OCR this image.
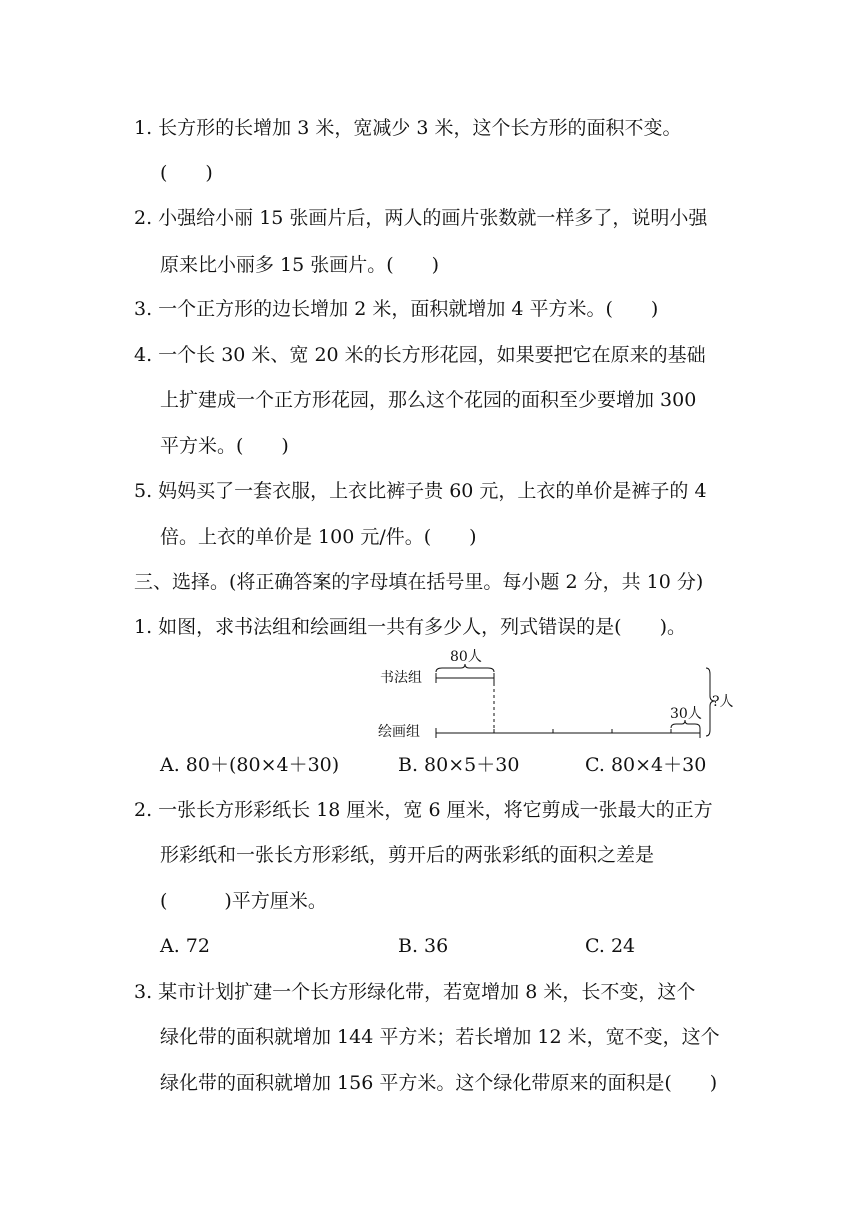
1. 长方形的长增加 3 米，宽减少 3 米，这个长方形的面积不变。
(　　)
2. 小强给小丽 15 张画片后，两人的画片张数就一样多了，说明小强
原来比小丽多 15 张画片。(　　)
3. 一个正方形的边长增加 2 米，面积就增加 4 平方米。(　　)
4. 一个长 30 米、宽 20 米的长方形花园，如果要把它在原来的基础
上扩建成一个正方形花园，那么这个花园的面积至少要增加 300
平方米。(　　)
5. 妈妈买了一套衣服，上衣比裤子贵 60 元，上衣的单价是裤子的 4
倍。上衣的单价是 100 元/件。(　　)
三、选择。(将正确答案的字母填在括号里。每小题 2 分，共 10 分)
1. 如图，求书法组和绘画组一共有多少人，列式错误的是(　　)。
书法组
80人
绘画组
30人
?人
A. 80＋(80×4＋30)	B. 80×5＋30	C. 80×4＋30
2. 一张长方形彩纸长 18 厘米，宽 6 厘米，将它剪成一张最大的正方
形彩纸和一张长方形彩纸，剪开后的两张彩纸的面积之差是
(　　　)平方厘米。
A. 72	B. 36	C. 24
3. 某市计划扩建一个长方形绿化带，若宽增加 8 米，长不变，这个
绿化带的面积就增加 144 平方米；若长增加 12 米，宽不变，这个
绿化带的面积就增加 156 平方米。这个绿化带原来的面积是(　　)
